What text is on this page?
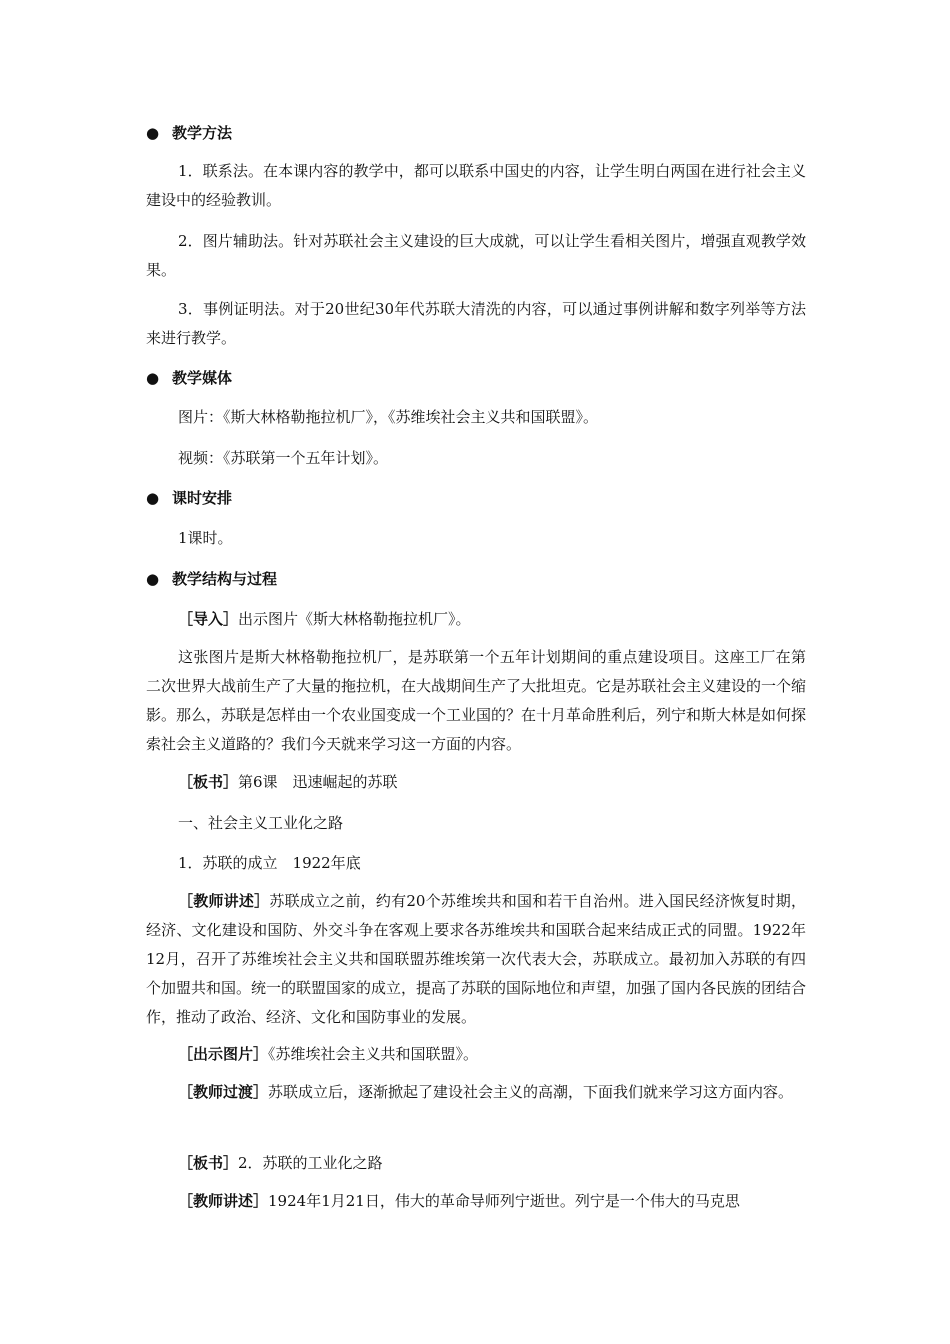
● 教学方法

1．联系法。在本课内容的教学中，都可以联系中国史的内容，让学生明白两国在进行社会主义建设中的经验教训。

2．图片辅助法。针对苏联社会主义建设的巨大成就，可以让学生看相关图片，增强直观教学效果。

3．事例证明法。对于20世纪30年代苏联大清洗的内容，可以通过事例讲解和数字列举等方法来进行教学。

● 教学媒体
图片：《斯大林格勒拖拉机厂》，《苏维埃社会主义共和国联盟》。
视频：《苏联第一个五年计划》。
● 课时安排
1课时。
● 教学结构与过程
［导入］出示图片《斯大林格勒拖拉机厂》。

这张图片是斯大林格勒拖拉机厂，是苏联第一个五年计划期间的重点建设项目。这座工厂在第二次世界大战前生产了大量的拖拉机，在大战期间生产了大批坦克。它是苏联社会主义建设的一个缩影。那么，苏联是怎样由一个农业国变成一个工业国的？在十月革命胜利后，列宁和斯大林是如何探索社会主义道路的？我们今天就来学习这一方面的内容。

［板书］第6课　迅速崛起的苏联
一、社会主义工业化之路
1．苏联的成立　1922年底

［教师讲述］苏联成立之前，约有20个苏维埃共和国和若干自治州。进入国民经济恢复时期，经济、文化建设和国防、外交斗争在客观上要求各苏维埃共和国联合起来结成正式的同盟。1922年12月，召开了苏维埃社会主义共和国联盟苏维埃第一次代表大会，苏联成立。最初加入苏联的有四个加盟共和国。统一的联盟国家的成立，提高了苏联的国际地位和声望，加强了国内各民族的团结合作，推动了政治、经济、文化和国防事业的发展。

［出示图片］《苏维埃社会主义共和国联盟》。

［教师过渡］苏联成立后，逐渐掀起了建设社会主义的高潮，下面我们就来学习这方面内容。

［板书］2．苏联的工业化之路

［教师讲述］1924年1月21日，伟大的革命导师列宁逝世。列宁是一个伟大的马克思
